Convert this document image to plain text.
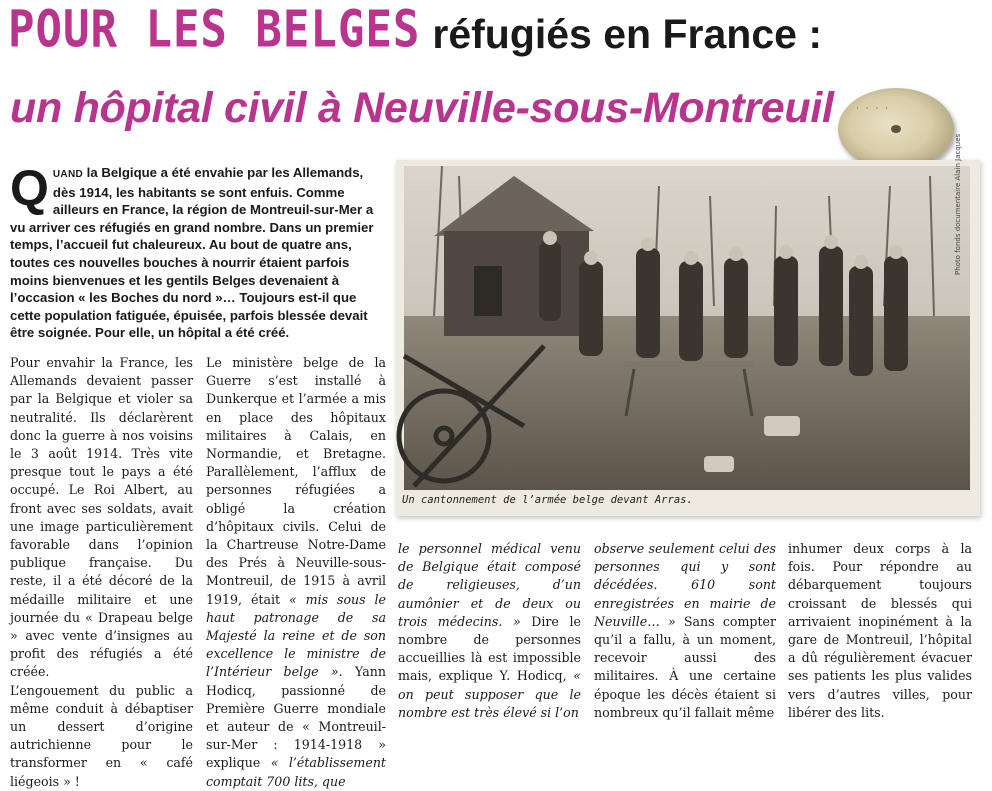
POUR LES BELGES réfugiés en France :
un hôpital civil à Neuville-sous-Montreuil · · · ·
QUAND la Belgique a été envahie par les Allemands, dès 1914, les habitants se sont enfuis. Comme ailleurs en France, la région de Montreuil-sur-Mer a vu arriver ces réfugiés en grand nombre. Dans un premier temps, l’accueil fut chaleureux. Au bout de quatre ans, toutes ces nouvelles bouches à nourrir étaient parfois moins bienvenues et les gentils Belges devenaient à l’occasion « les Boches du nord »… Toujours est-il que cette population fatiguée, épuisée, parfois blessée devait être soignée. Pour elle, un hôpital a été créé.
Un cantonnement de l’armée belge devant Arras.
Photo fonds documentaire Alain Jacques

Pour envahir la France, les Allemands devaient passer par la Belgique et violer sa neutralité. Ils déclarèrent donc la guerre à nos voisins le 3 août 1914. Très vite presque tout le pays a été occupé. Le Roi Albert, au front avec ses soldats, avait une image particulièrement favorable dans l’opinion publique française. Du reste, il a été décoré de la médaille militaire et une journée du « Drapeau belge » avec vente d’insignes au profit des réfugiés a été créée.

L’engouement du public a même conduit à débaptiser un dessert d’origine autrichienne pour le transformer en « café liégeois » !

Le ministère belge de la Guerre s’est installé à Dunkerque et l’armée a mis en place des hôpitaux militaires à Calais, en Normandie, et Bretagne. Parallèlement, l’afflux de personnes réfugiées a obligé la création d’hôpitaux civils. Celui de la Chartreuse Notre-Dame des Prés à Neuville-sous-Montreuil, de 1915 à avril 1919, était « mis sous le haut patronage de sa Majesté la reine et de son excellence le ministre de l’Intérieur belge ». Yann Hodicq, passionné de Première Guerre mondiale et auteur de « Montreuil-sur-Mer : 1914-1918 » explique « l’établissement comptait 700 lits, que

le personnel médical venu de Belgique était composé de religieuses, d’un aumônier et de deux ou trois médecins. » Dire le nombre de personnes accueillies là est impossible mais, explique Y. Hodicq, « on peut supposer que le nombre est très élevé si l’on

observe seulement celui des personnes qui y sont décédées. 610 sont enregistrées en mairie de Neuville… » Sans compter qu’il a fallu, à un moment, recevoir aussi des militaires. À une certaine époque les décès étaient si nombreux qu’il fallait même

inhumer deux corps à la fois. Pour répondre au débarquement toujours croissant de blessés qui arrivaient inopinément à la gare de Montreuil, l’hôpital a dû régulièrement évacuer ses patients les plus valides vers d’autres villes, pour libérer des lits.
